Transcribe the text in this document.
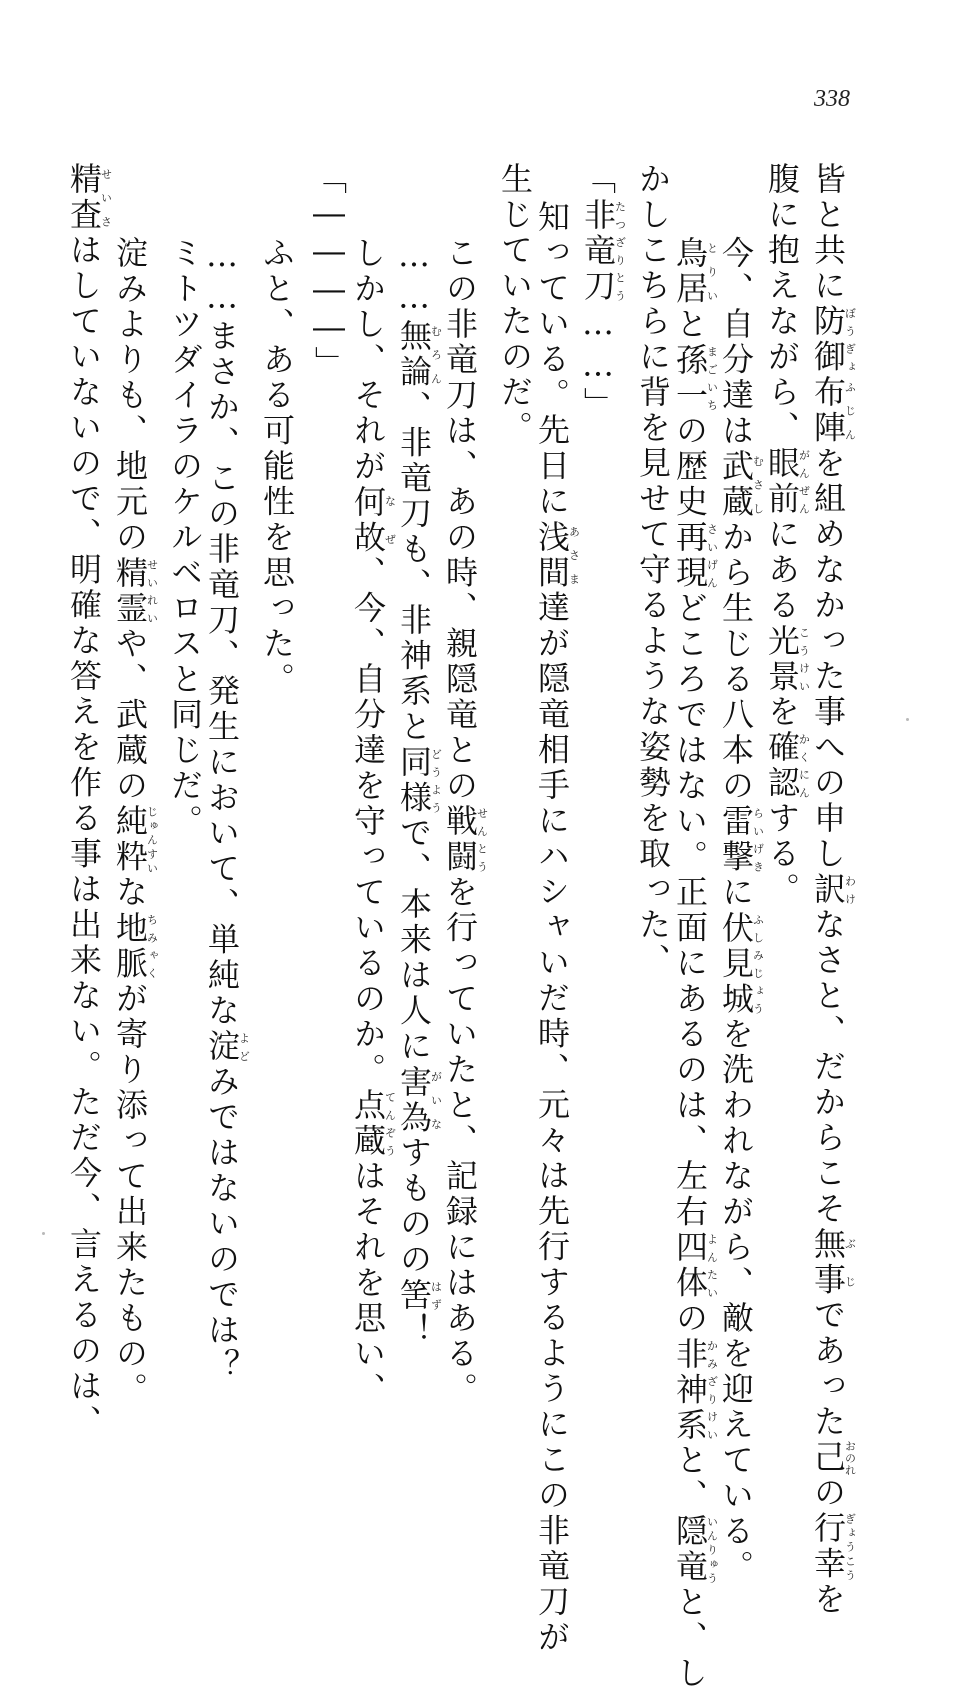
338
皆と共に防御ぼうぎょ布陣ふじんを組めなかった事への申し訳わけなさと、だからこそ無事ぶじであった己おのれの行幸ぎょうこうを
腹に抱えながら、眼前がんぜんにある光景こうけいを確認かくにんする。
今、自分達は武蔵むさしから生じる八本の雷撃らいげきに伏見城ふしみじょうを洗われながら、敵を迎えている。
鳥居とりいと孫一まごいちの歴史再現さいげんどころではない。正面にあるのは、左右四体よんたいの非神系かみざりけいと、隠竜いんりゅうと、し
かしこちらに背を見せて守るような姿勢を取った、
「非竜刀たつざりとう……」
知っている。先日に浅間あさま達が隠竜相手にハシャいだ時、元々は先行するようにこの非竜刀が
生じていたのだ。
この非竜刀は、あの時、親隠竜との戦闘せんとうを行っていたと、記録にはある。
……無論むろん、非竜刀も、非神系と同様どうようで、本来は人に害為がいなすものの筈はず！
しかし、それが何故なぜ、今、自分達を守っているのか。点蔵てんぞうはそれを思い、
「――――」
ふと、ある可能性を思った。
……まさか、この非竜刀、発生において、単純な淀よどみではないのでは？
ミトツダイラのケルベロスと同じだ。
淀みよりも、地元の精霊せいれいや、武蔵の純粋じゅんすいな地脈ちみゃくが寄り添って出来たもの。
精査せいさはしていないので、明確な答えを作る事は出来ない。ただ今、言えるのは、
